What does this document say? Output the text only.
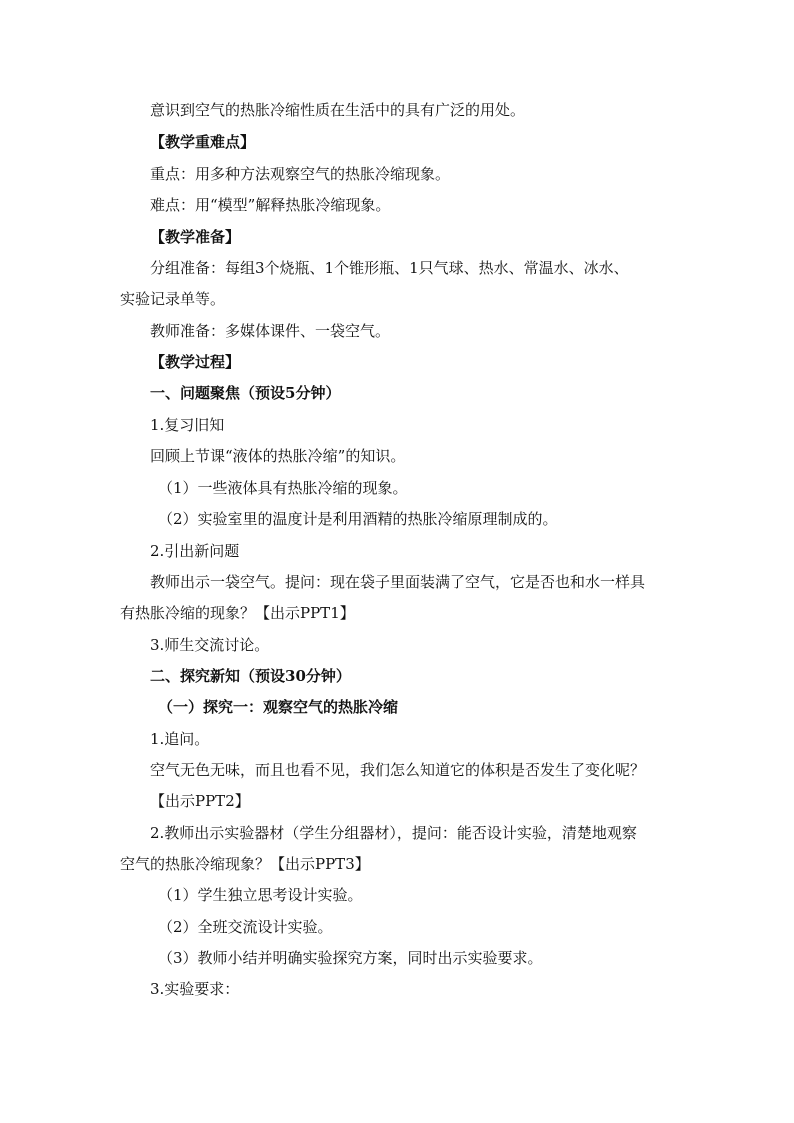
意识到空气的热胀冷缩性质在生活中的具有广泛的用处。
【教学重难点】
重点：用多种方法观察空气的热胀冷缩现象。
难点：用“模型”解释热胀冷缩现象。
【教学准备】
分组准备：每组3个烧瓶、1个锥形瓶、1只气球、热水、常温水、冰水、
实验记录单等。
教师准备：多媒体课件、一袋空气。
【教学过程】
一、问题聚焦（预设5分钟）
1.复习旧知
回顾上节课“液体的热胀冷缩”的知识。
（1）一些液体具有热胀冷缩的现象。
（2）实验室里的温度计是利用酒精的热胀冷缩原理制成的。
2.引出新问题
教师出示一袋空气。提问：现在袋子里面装满了空气，它是否也和水一样具
有热胀冷缩的现象？【出示PPT1】
3.师生交流讨论。
二、探究新知（预设30分钟）
（一）探究一：观察空气的热胀冷缩
1.追问。
空气无色无味，而且也看不见，我们怎么知道它的体积是否发生了变化呢？
【出示PPT2】
2.教师出示实验器材（学生分组器材），提问：能否设计实验，清楚地观察
空气的热胀冷缩现象？【出示PPT3】
（1）学生独立思考设计实验。
（2）全班交流设计实验。
（3）教师小结并明确实验探究方案，同时出示实验要求。
3.实验要求：
